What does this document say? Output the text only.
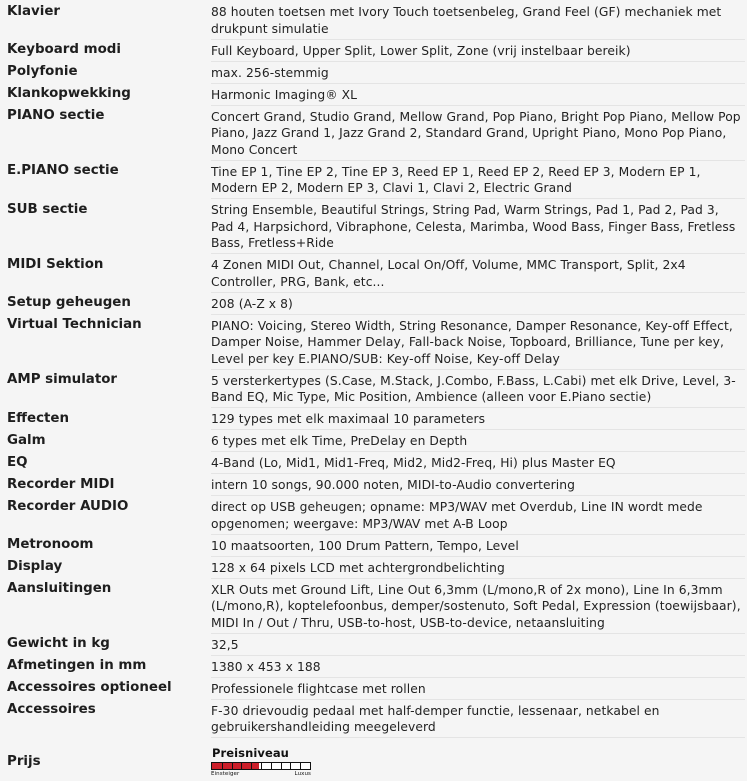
Klavier	88 houten toetsen met Ivory Touch toetsenbeleg, Grand Feel (GF) mechaniek met drukpunt simulatie
Keyboard modi	Full Keyboard, Upper Split, Lower Split, Zone (vrij instelbaar bereik)
Polyfonie	max. 256-stemmig
Klankopwekking	Harmonic Imaging® XL
PIANO sectie	Concert Grand, Studio Grand, Mellow Grand, Pop Piano, Bright Pop Piano, Mellow Pop Piano, Jazz Grand 1, Jazz Grand 2, Standard Grand, Upright Piano, Mono Pop Piano, Mono Concert
E.PIANO sectie	Tine EP 1, Tine EP 2, Tine EP 3, Reed EP 1, Reed EP 2, Reed EP 3, Modern EP 1, Modern EP 2, Modern EP 3, Clavi 1, Clavi 2, Electric Grand
SUB sectie	String Ensemble, Beautiful Strings, String Pad, Warm Strings, Pad 1, Pad 2, Pad 3, Pad 4, Harpsichord, Vibraphone, Celesta, Marimba, Wood Bass, Finger Bass, Fretless Bass, Fretless+Ride
MIDI Sektion	4 Zonen MIDI Out, Channel, Local On/Off, Volume, MMC Transport, Split, 2x4 Controller, PRG, Bank, etc...
Setup geheugen	208 (A-Z x 8)
Virtual Technician	PIANO: Voicing, Stereo Width, String Resonance, Damper Resonance, Key-off Effect, Damper Noise, Hammer Delay, Fall-back Noise, Topboard, Brilliance, Tune per key, Level per key E.PIANO/SUB: Key-off Noise, Key-off Delay
AMP simulator	5 versterkertypes (S.Case, M.Stack, J.Combo, F.Bass, L.Cabi) met elk Drive, Level, 3-Band EQ, Mic Type, Mic Position, Ambience (alleen voor E.Piano sectie)
Effecten	129 types met elk maximaal 10 parameters
Galm	6 types met elk Time, PreDelay en Depth
EQ	4-Band (Lo, Mid1, Mid1-Freq, Mid2, Mid2-Freq, Hi) plus Master EQ
Recorder MIDI	intern 10 songs, 90.000 noten, MIDI-to-Audio convertering
Recorder AUDIO	direct op USB geheugen; opname: MP3/WAV met Overdub, Line IN wordt mede opgenomen; weergave: MP3/WAV met A-B Loop
Metronoom	10 maatsoorten, 100 Drum Pattern, Tempo, Level
Display	128 x 64 pixels LCD met achtergrondbelichting
Aansluitingen	XLR Outs met Ground Lift, Line Out 6,3mm (L/mono,R of 2x mono), Line In 6,3mm (L/mono,R), koptelefoonbus, demper/sostenuto, Soft Pedal, Expression (toewijsbaar), MIDI In / Out / Thru, USB-to-host, USB-to-device, netaansluiting
Gewicht in kg	32,5
Afmetingen in mm	1380 x 453 x 188
Accessoires optioneel	Professionele flightcase met rollen
Accessoires	F-30 drievoudig pedaal met half-demper functie, lessenaar, netkabel en gebruikershandleiding meegeleverd
Prijs	Preisniveau
Einsteiger Luxus
